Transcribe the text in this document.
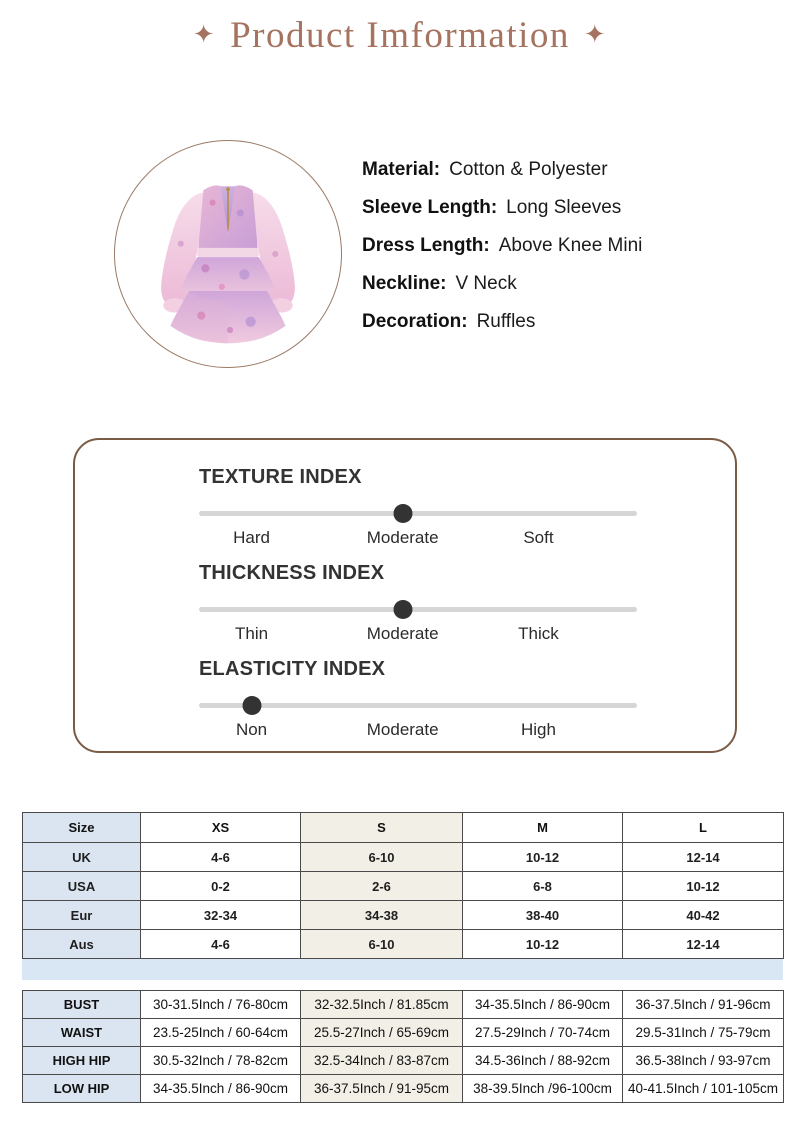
✦ Product Imformation ✦
Material: Cotton & Polyester
Sleeve Length: Long Sleeves
Dress Length: Above Knee Mini
Neckline: V Neck
Decoration: Ruffles
TEXTURE INDEX
Hard	Moderate	Soft
THICKNESS INDEX
Thin	Moderate	Thick
ELASTICITY INDEX
Non	Moderate	High
Size	XS	S	M	L
UK	4-6	6-10	10-12	12-14
USA	0-2	2-6	6-8	10-12
Eur	32-34	34-38	38-40	40-42
Aus	4-6	6-10	10-12	12-14
BUST	30-31.5Inch / 76-80cm	32-32.5Inch / 81.85cm	34-35.5Inch / 86-90cm	36-37.5Inch / 91-96cm
WAIST	23.5-25Inch / 60-64cm	25.5-27Inch / 65-69cm	27.5-29Inch / 70-74cm	29.5-31Inch / 75-79cm
HIGH HIP	30.5-32Inch / 78-82cm	32.5-34Inch / 83-87cm	34.5-36Inch / 88-92cm	36.5-38Inch / 93-97cm
LOW HIP	34-35.5Inch / 86-90cm	36-37.5Inch / 91-95cm	38-39.5Inch /96-100cm	40-41.5Inch / 101-105cm
